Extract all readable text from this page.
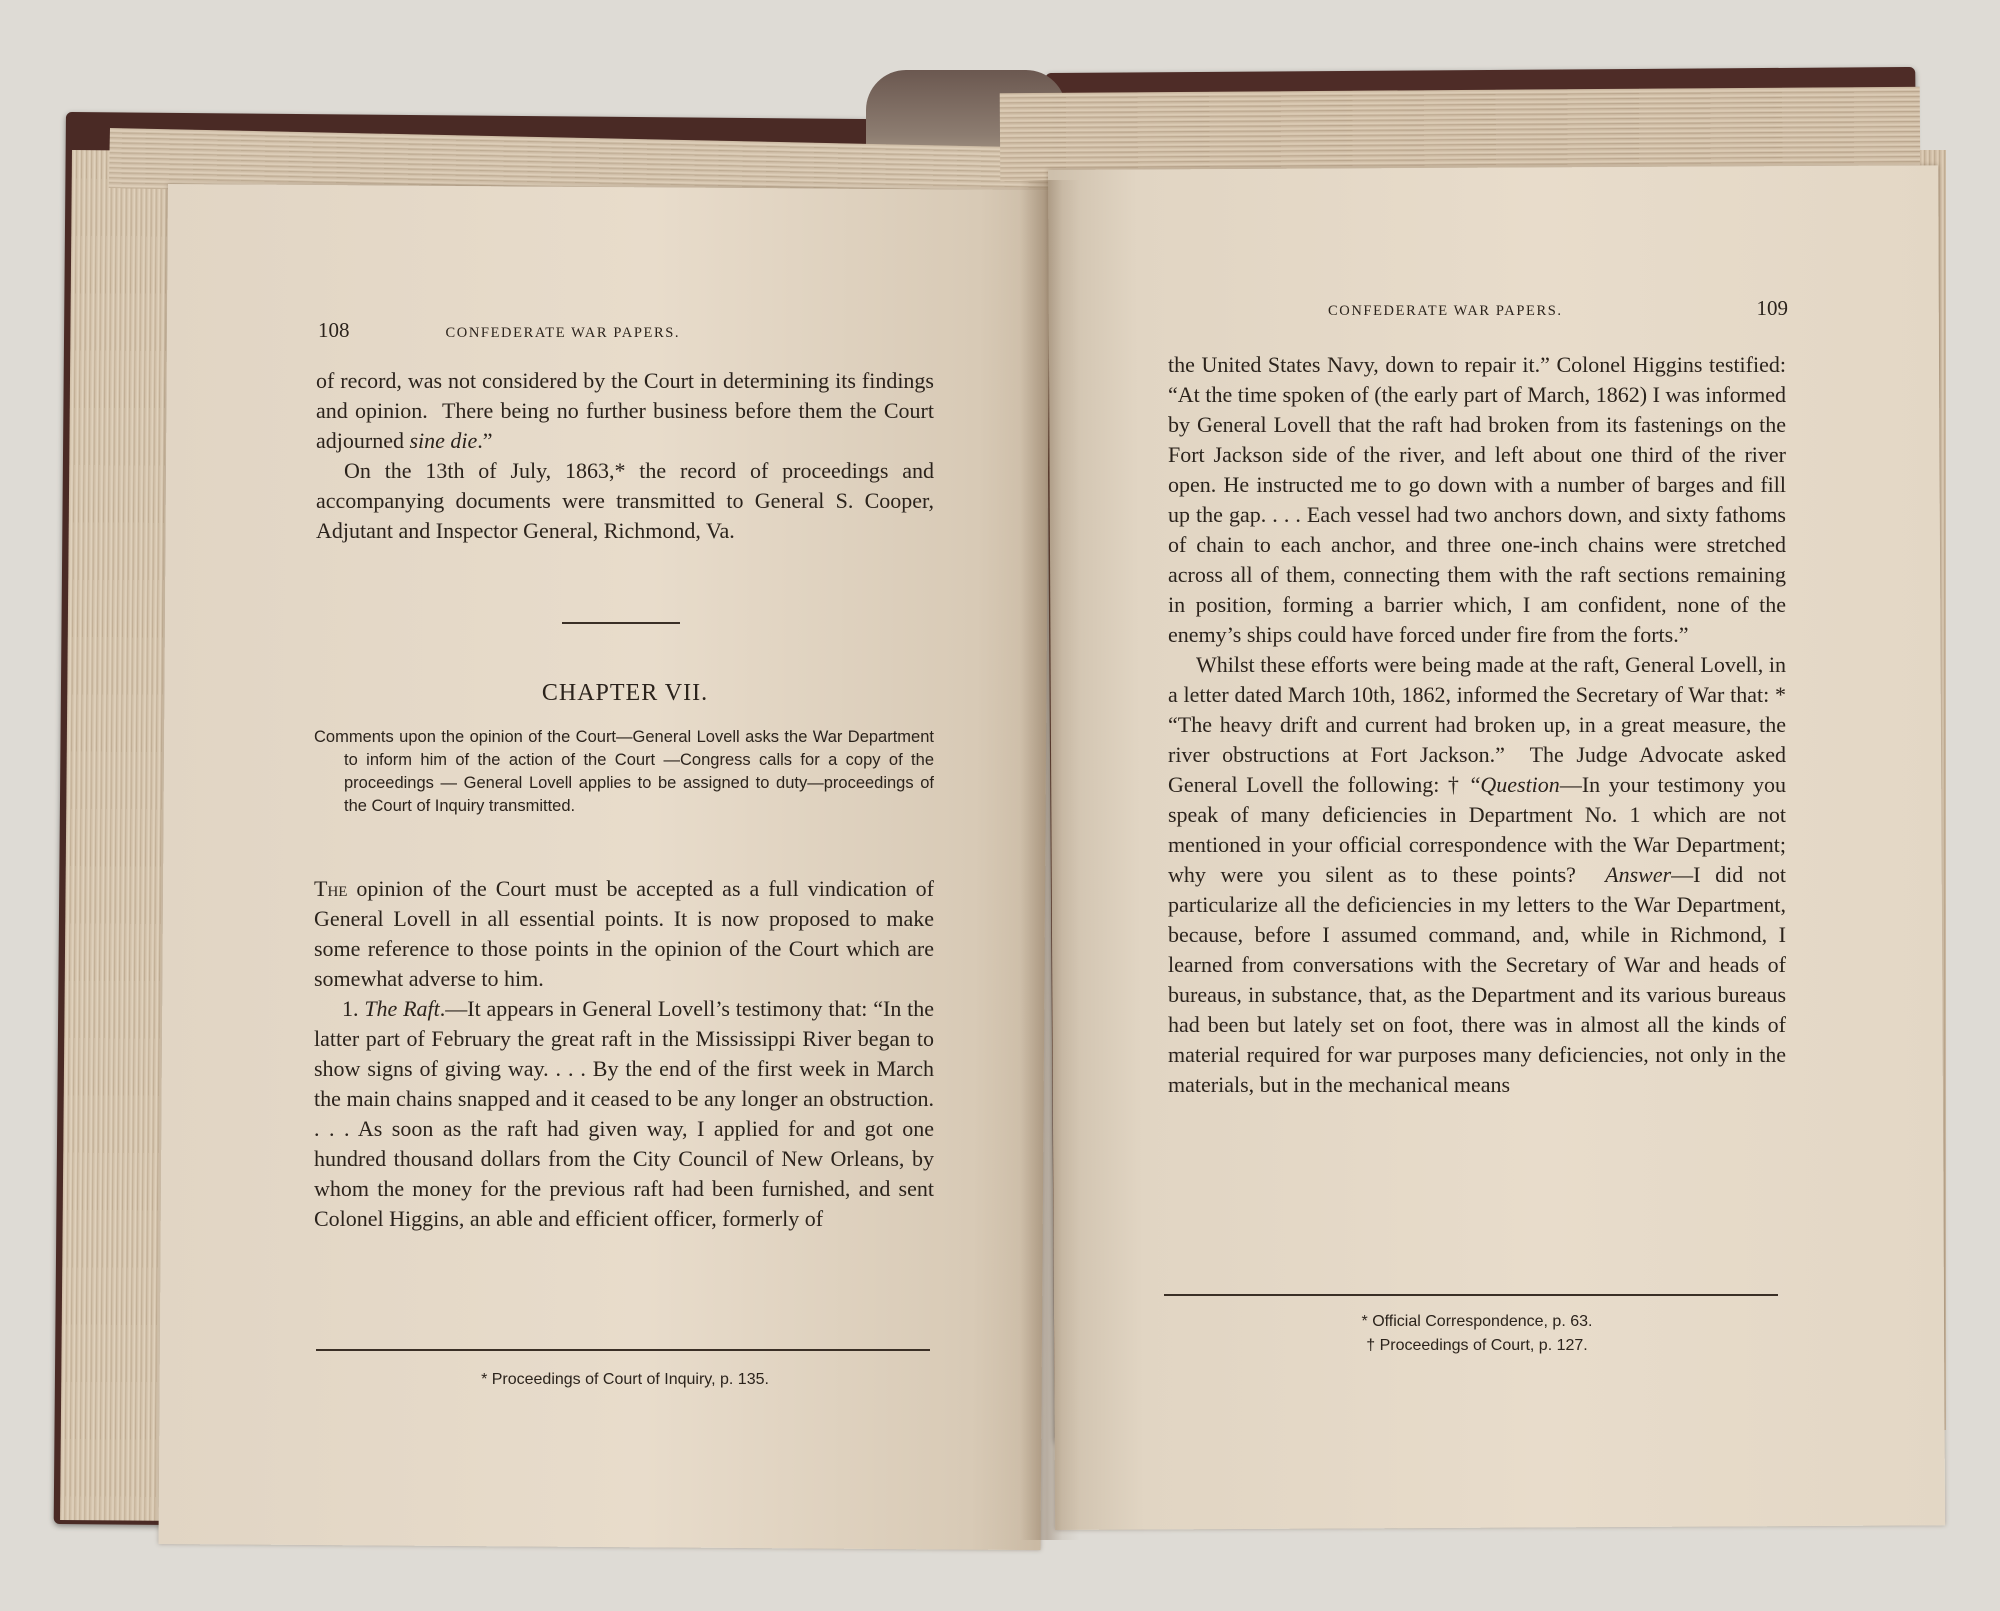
108	CONFEDERATE WAR PAPERS.

of record, was not considered by the Court in determining its findings and opinion.  There being no further business before them the Court adjourned sine die.”

On the 13th of July, 1863,* the record of proceedings and accompanying documents were transmitted to General S. Cooper, Adjutant and Inspector General, Richmond, Va.

CHAPTER VII.

Comments upon the opinion of the Court—General Lovell asks the War Department to inform him of the action of the Court —Congress calls for a copy of the proceedings — General Lovell applies to be assigned to duty—proceedings of the Court of Inquiry transmitted.

The opinion of the Court must be accepted as a full vindication of General Lovell in all essential points. It is now proposed to make some reference to those points in the opinion of the Court which are somewhat adverse to him.

1. The Raft.—It appears in General Lovell’s testimony that: “In the latter part of February the great raft in the Mississippi River began to show signs of giving way. . . . By the end of the first week in March the main chains snapped and it ceased to be any longer an obstruction. . . . As soon as the raft had given way, I applied for and got one hundred thousand dollars from the City Council of New Orleans, by whom the money for the previous raft had been furnished, and sent Colonel Higgins, an able and efficient officer, formerly of

* Proceedings of Court of Inquiry, p. 135.
CONFEDERATE WAR PAPERS.	109

the United States Navy, down to repair it.” Colonel Higgins testified: “At the time spoken of (the early part of March, 1862) I was informed by General Lovell that the raft had broken from its fastenings on the Fort Jackson side of the river, and left about one third of the river open. He instructed me to go down with a number of barges and fill up the gap. . . . Each vessel had two anchors down, and sixty fathoms of chain to each anchor, and three one-inch chains were stretched across all of them, connecting them with the raft sections remaining in position, forming a barrier which, I am confident, none of the enemy’s ships could have forced under fire from the forts.”

Whilst these efforts were being made at the raft, General Lovell, in a letter dated March 10th, 1862, informed the Secretary of War that: * “The heavy drift and current had broken up, in a great measure, the river obstructions at Fort Jackson.”  The Judge Advocate asked General Lovell the following: † “Question—In your testimony you speak of many deficiencies in Department No. 1 which are not mentioned in your official correspondence with the War Department; why were you silent as to these points?  Answer—I did not particularize all the deficiencies in my letters to the War Department, because, before I assumed command, and, while in Richmond, I learned from conversations with the Secretary of War and heads of bureaus, in substance, that, as the Department and its various bureaus had been but lately set on foot, there was in almost all the kinds of material required for war purposes many deficiencies, not only in the materials, but in the mechanical means

* Official Correspondence, p. 63.
† Proceedings of Court, p. 127.
